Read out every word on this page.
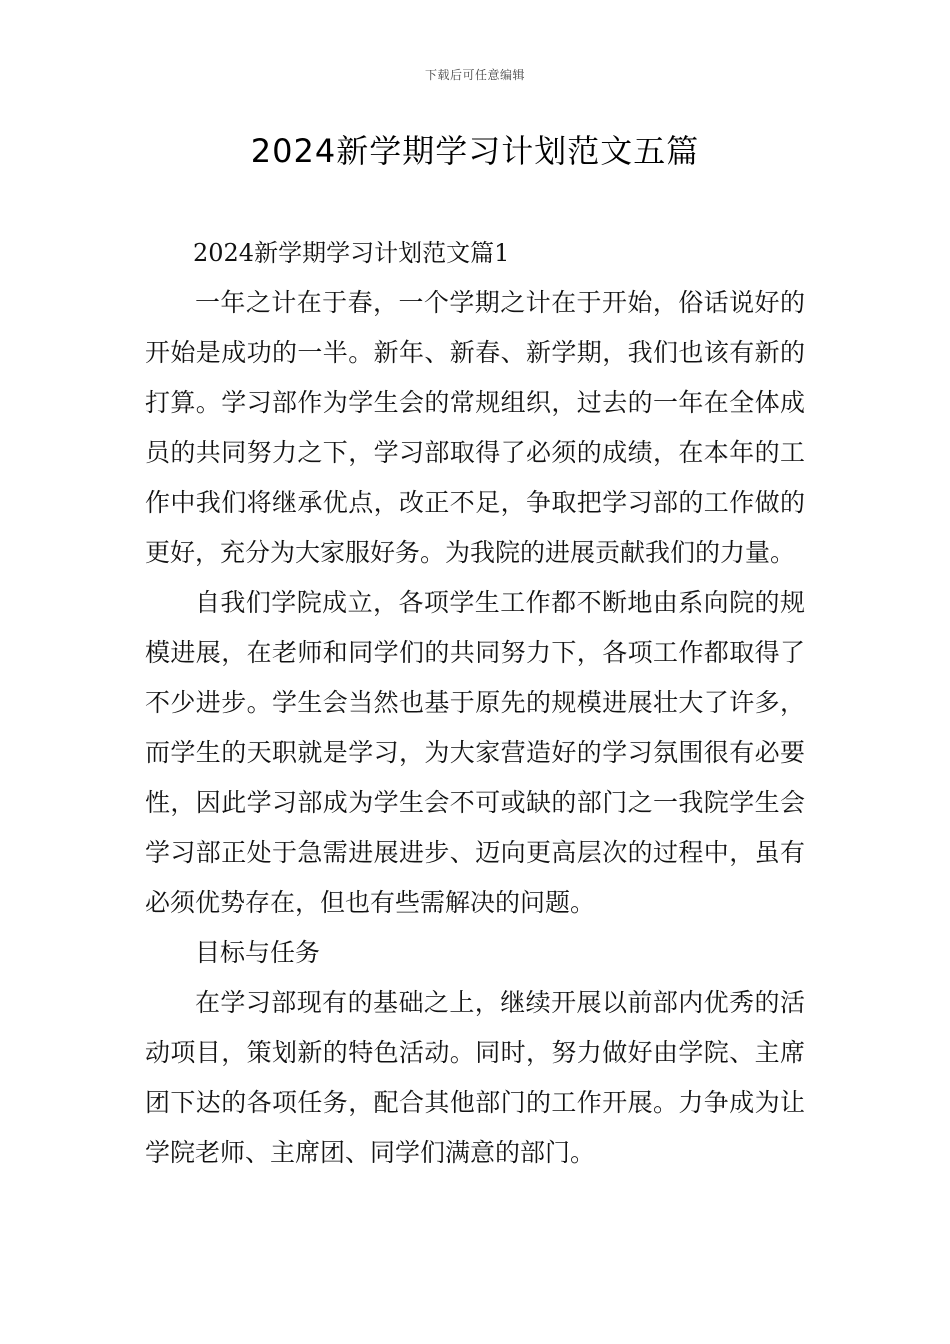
下载后可任意编辑
2024新学期学习计划范文五篇
2024新学期学习计划范文篇1

一年之计在于春，一个学期之计在于开始，俗话说好的开始是成功的一半。新年、新春、新学期，我们也该有新的打算。学习部作为学生会的常规组织，过去的一年在全体成员的共同努力之下，学习部取得了必须的成绩，在本年的工作中我们将继承优点，改正不足，争取把学习部的工作做的更好，充分为大家服好务。为我院的进展贡献我们的力量。

自我们学院成立，各项学生工作都不断地由系向院的规模进展，在老师和同学们的共同努力下，各项工作都取得了不少进步。学生会当然也基于原先的规模进展壮大了许多，而学生的天职就是学习，为大家营造好的学习氛围很有必要性，因此学习部成为学生会不可或缺的部门之一我院学生会学习部正处于急需进展进步、迈向更高层次的过程中，虽有必须优势存在，但也有些需解决的问题。

目标与任务

在学习部现有的基础之上，继续开展以前部内优秀的活动项目，策划新的特色活动。同时，努力做好由学院、主席团下达的各项任务，配合其他部门的工作开展。力争成为让学院老师、主席团、同学们满意的部门。
